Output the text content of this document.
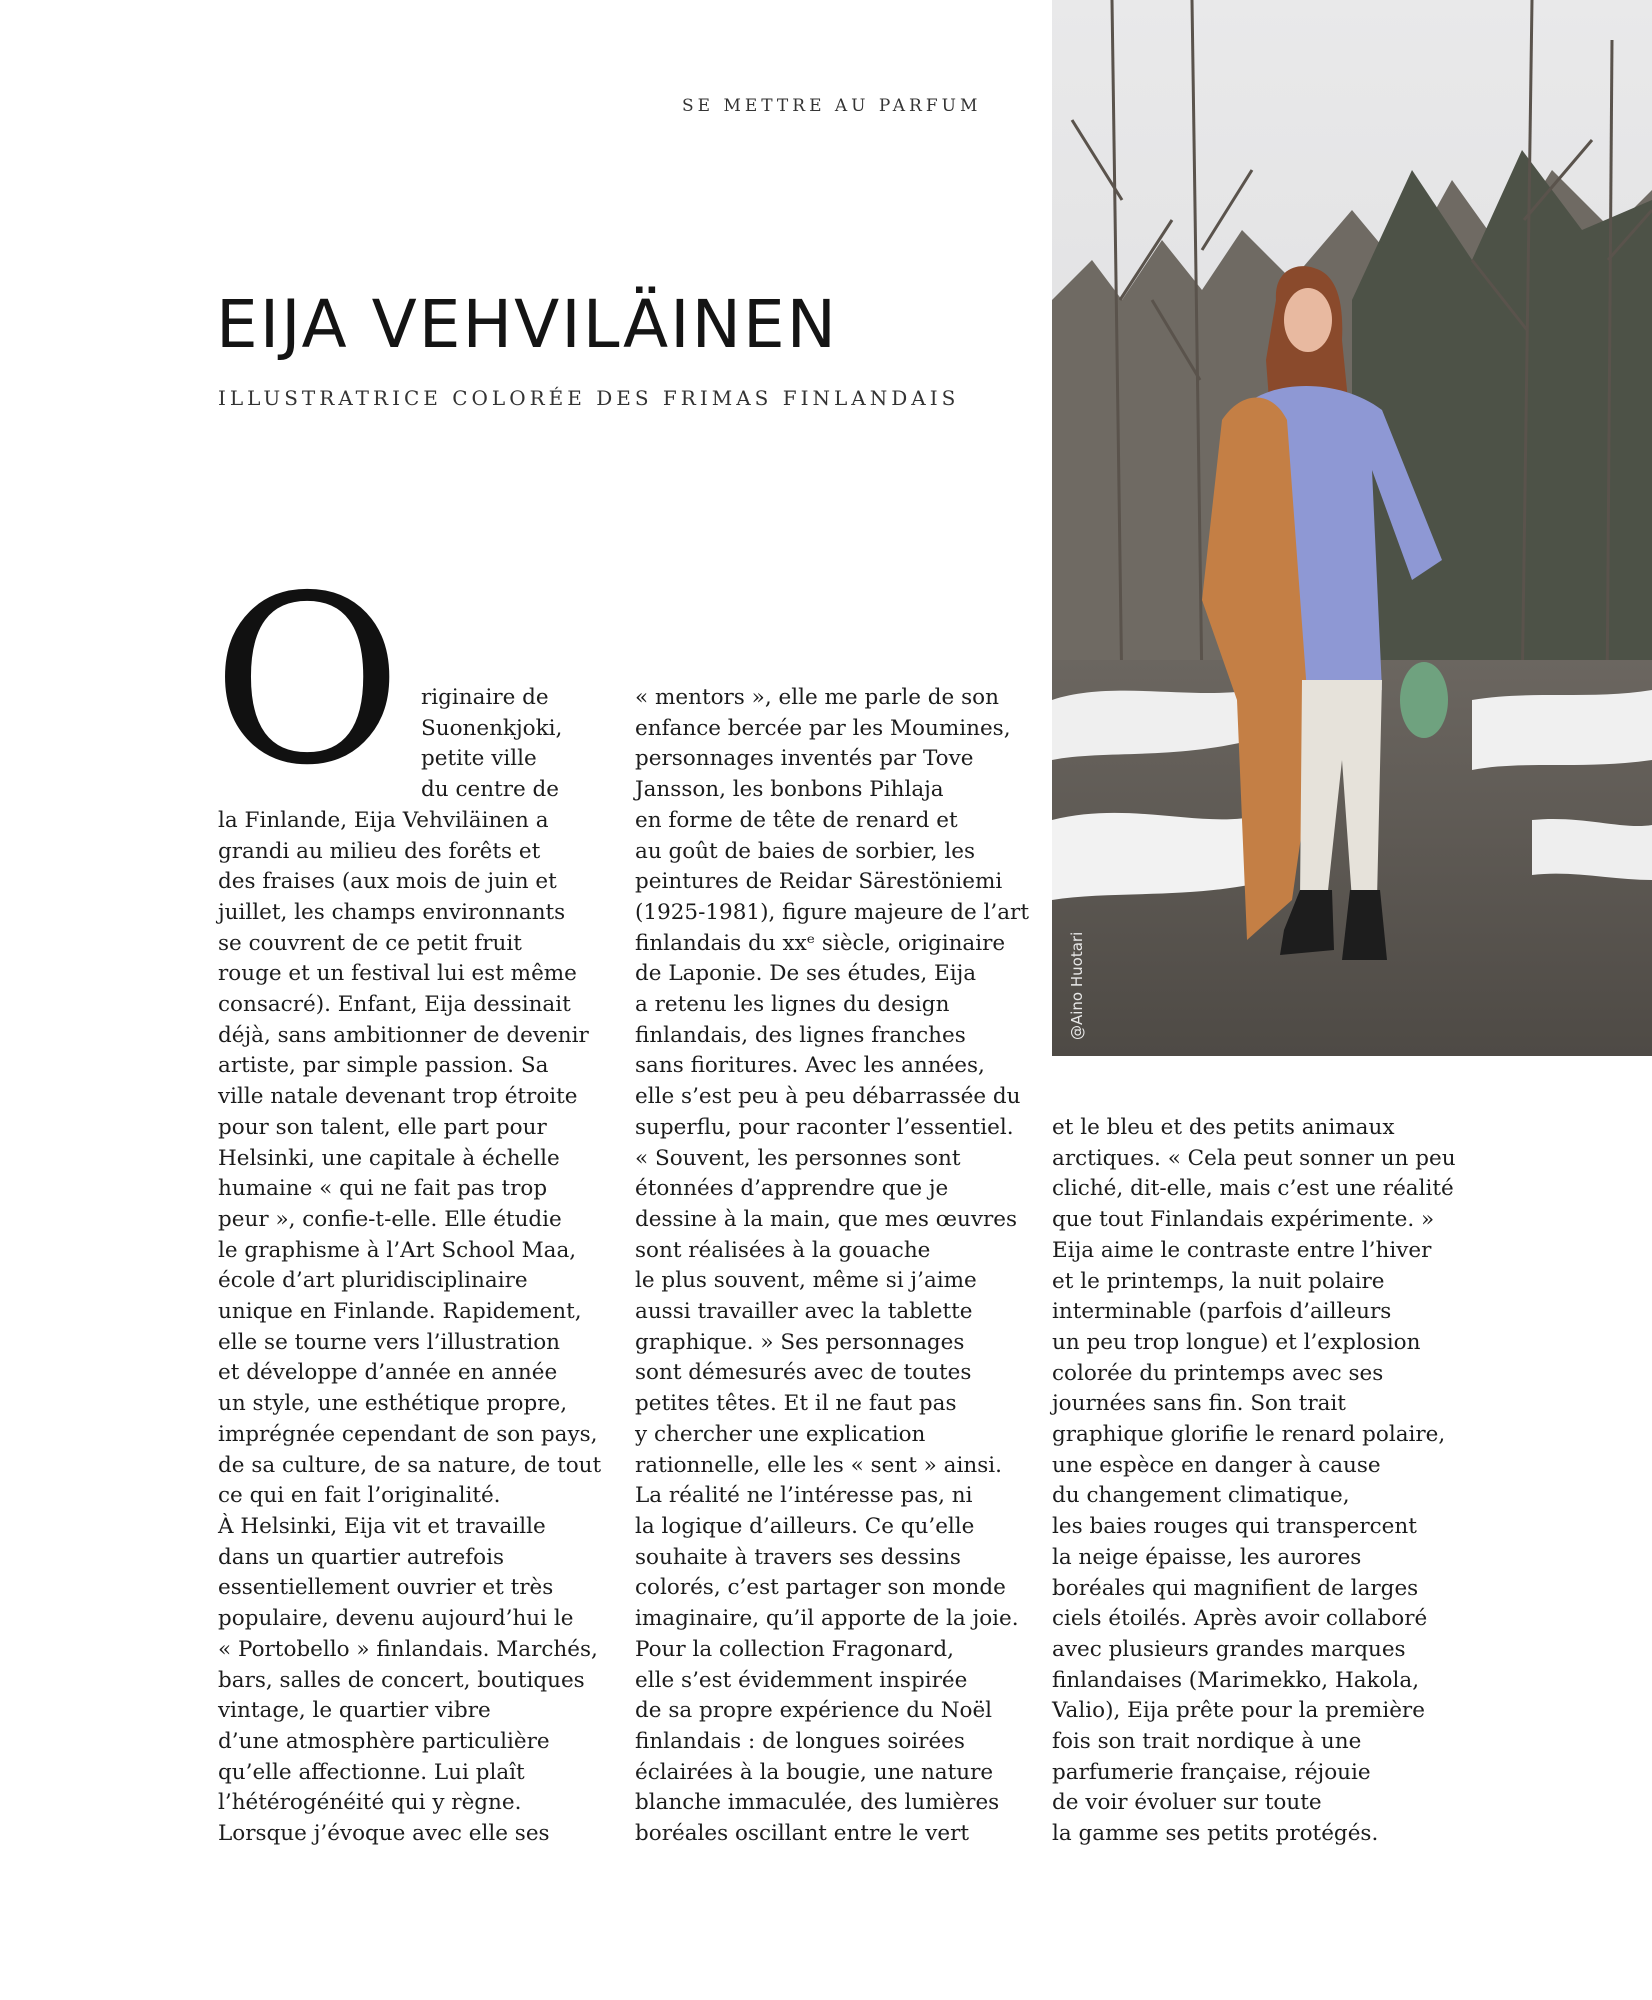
SE METTRE AU PARFUM
EIJA VEHVILÄINEN
ILLUSTRATRICE COLORÉE DES FRIMAS FINLANDAIS
O riginaire de
Suonenkjoki,
petite ville
du centre de
la Finlande, Eija Vehviläinen a
grandi au milieu des forêts et
des fraises (aux mois de juin et
juillet, les champs environnants
se couvrent de ce petit fruit
rouge et un festival lui est même
consacré). Enfant, Eija dessinait
déjà, sans ambitionner de devenir
artiste, par simple passion. Sa
ville natale devenant trop étroite
pour son talent, elle part pour
Helsinki, une capitale à échelle
humaine « qui ne fait pas trop
peur », confie-t-elle. Elle étudie
le graphisme à l’Art School Maa,
école d’art pluridisciplinaire
unique en Finlande. Rapidement,
elle se tourne vers l’illustration
et développe d’année en année
un style, une esthétique propre,
imprégnée cependant de son pays,
de sa culture, de sa nature, de tout
ce qui en fait l’originalité.
À Helsinki, Eija vit et travaille
dans un quartier autrefois
essentiellement ouvrier et très
populaire, devenu aujourd’hui le
« Portobello » finlandais. Marchés,
bars, salles de concert, boutiques
vintage, le quartier vibre
d’une atmosphère particulière
qu’elle affectionne. Lui plaît
l’hétérogénéité qui y règne.
Lorsque j’évoque avec elle ses
« mentors », elle me parle de son
enfance bercée par les Moumines,
personnages inventés par Tove
Jansson, les bonbons Pihlaja
en forme de tête de renard et
au goût de baies de sorbier, les
peintures de Reidar Särestöniemi
(1925-1981), figure majeure de l’art
finlandais du xxᵉ siècle, originaire
de Laponie. De ses études, Eija
a retenu les lignes du design
finlandais, des lignes franches
sans fioritures. Avec les années,
elle s’est peu à peu débarrassée du
superflu, pour raconter l’essentiel.
« Souvent, les personnes sont
étonnées d’apprendre que je
dessine à la main, que mes œuvres
sont réalisées à la gouache
le plus souvent, même si j’aime
aussi travailler avec la tablette
graphique. » Ses personnages
sont démesurés avec de toutes
petites têtes. Et il ne faut pas
y chercher une explication
rationnelle, elle les « sent » ainsi.
La réalité ne l’intéresse pas, ni
la logique d’ailleurs. Ce qu’elle
souhaite à travers ses dessins
colorés, c’est partager son monde
imaginaire, qu’il apporte de la joie.
Pour la collection Fragonard,
elle s’est évidemment inspirée
de sa propre expérience du Noël
finlandais : de longues soirées
éclairées à la bougie, une nature
blanche immaculée, des lumières
boréales oscillant entre le vert
et le bleu et des petits animaux
arctiques. « Cela peut sonner un peu
cliché, dit-elle, mais c’est une réalité
que tout Finlandais expérimente. »
Eija aime le contraste entre l’hiver
et le printemps, la nuit polaire
interminable (parfois d’ailleurs
un peu trop longue) et l’explosion
colorée du printemps avec ses
journées sans fin. Son trait
graphique glorifie le renard polaire,
une espèce en danger à cause
du changement climatique,
les baies rouges qui transpercent
la neige épaisse, les aurores
boréales qui magnifient de larges
ciels étoilés. Après avoir collaboré
avec plusieurs grandes marques
finlandaises (Marimekko, Hakola,
Valio), Eija prête pour la première
fois son trait nordique à une
parfumerie française, réjouie
de voir évoluer sur toute
la gamme ses petits protégés.
@Aino Huotari
